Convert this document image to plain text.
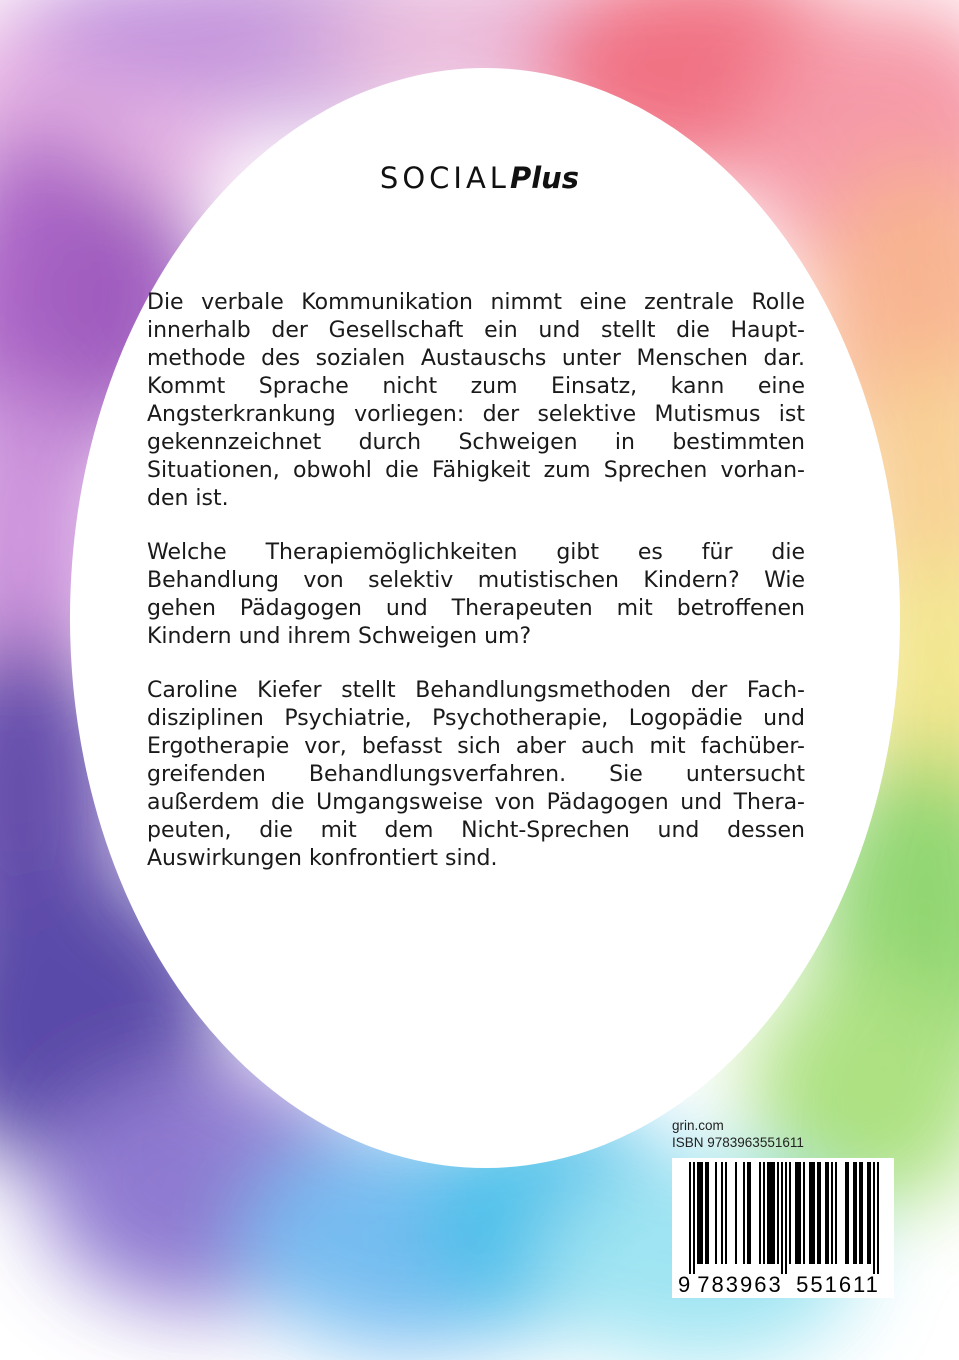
SOCIALPlus

Die verbale Kommunikation nimmt eine zentrale Rolle
innerhalb der Gesellschaft ein und stellt die Haupt-
methode des sozialen Austauschs unter Menschen dar.
Kommt Sprache nicht zum Einsatz, kann eine
Angsterkrankung vorliegen: der selektive Mutismus ist
gekennzeichnet durch Schweigen in bestimmten
Situationen, obwohl die Fähigkeit zum Sprechen vorhan-
den ist.

Welche Therapiemöglichkeiten gibt es für die
Behandlung von selektiv mutistischen Kindern? Wie
gehen Pädagogen und Therapeuten mit betroffenen
Kindern und ihrem Schweigen um?

Caroline Kiefer stellt Behandlungsmethoden der Fach-
disziplinen Psychiatrie, Psychotherapie, Logopädie und
Ergotherapie vor, befasst sich aber auch mit fachüber-
greifenden Behandlungsverfahren. Sie untersucht
außerdem die Umgangsweise von Pädagogen und Thera-
peuten, die mit dem Nicht-Sprechen und dessen
Auswirkungen konfrontiert sind.

grin.com
ISBN 9783963551611
9 783963 551611
